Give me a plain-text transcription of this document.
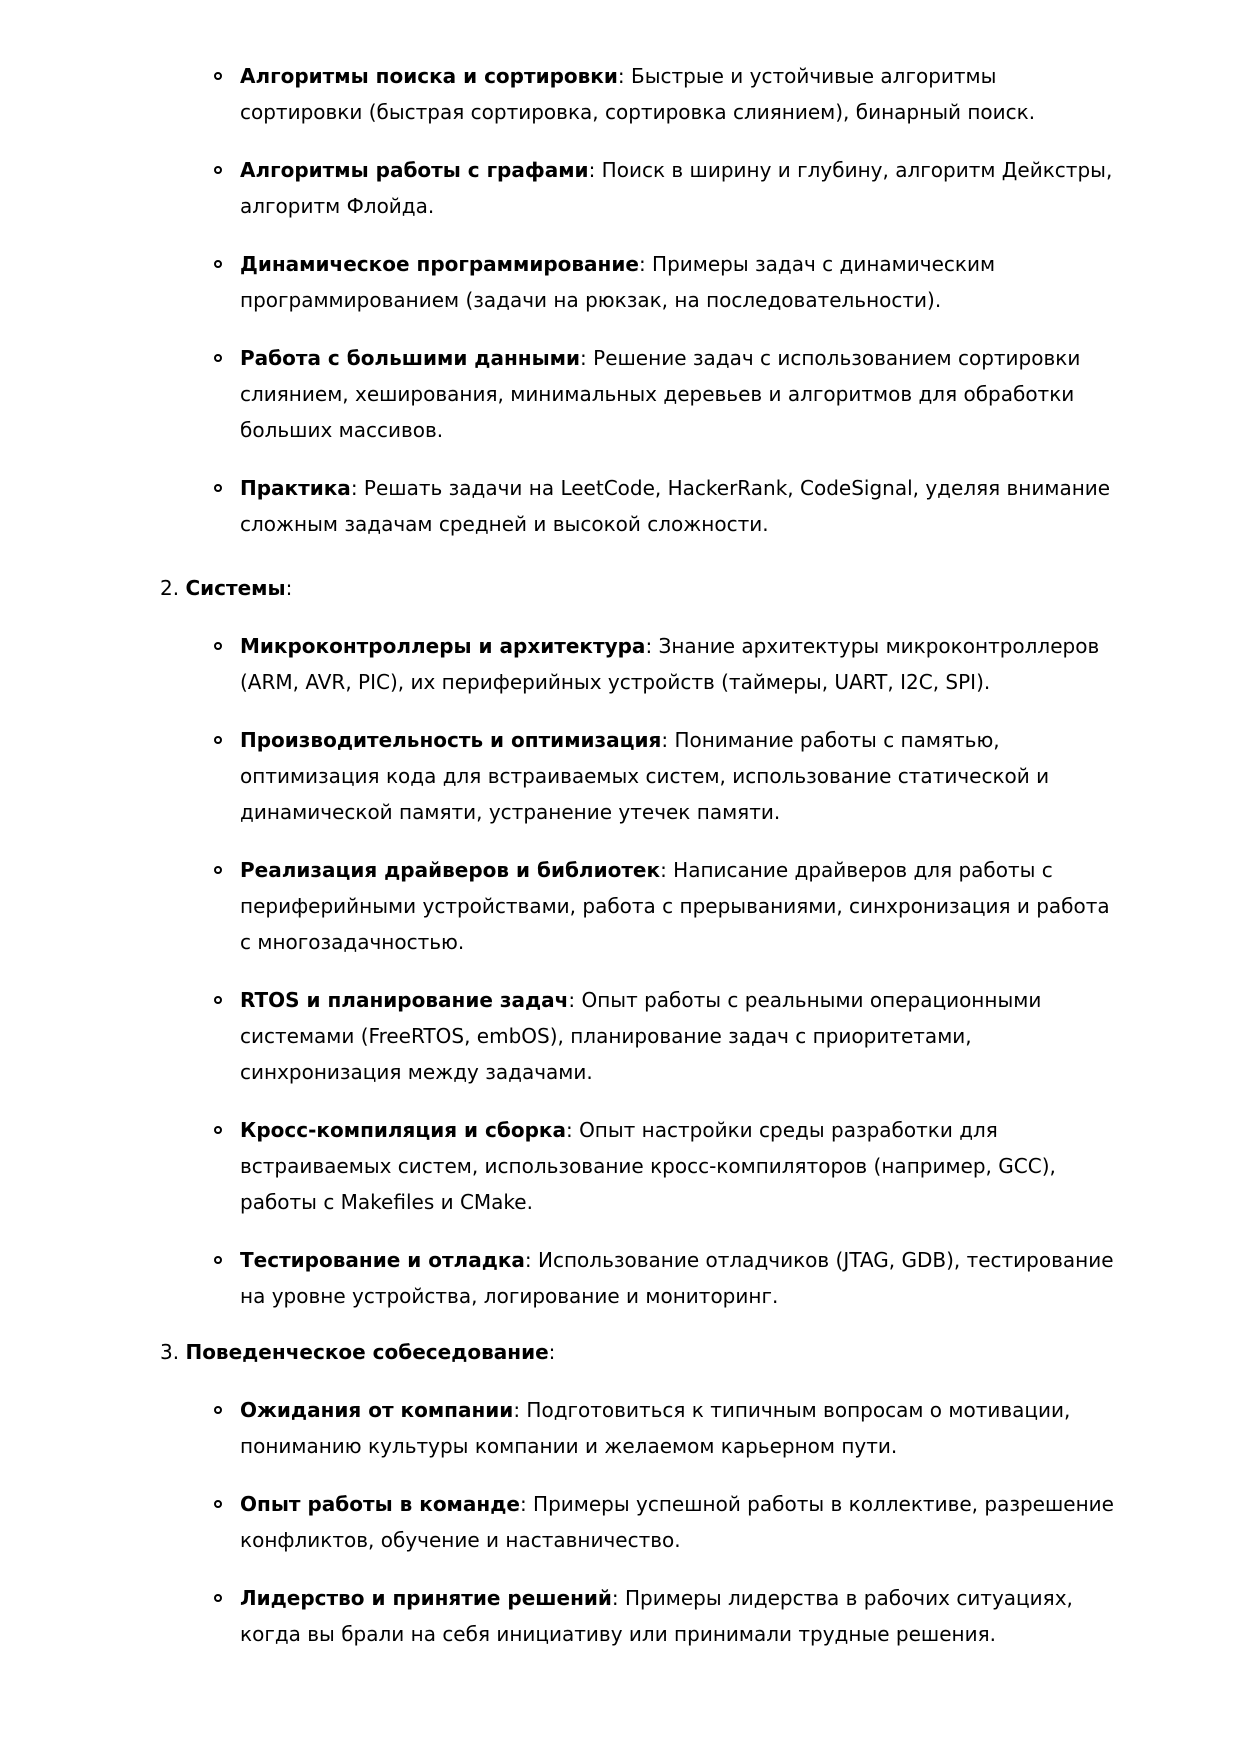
Алгоритмы поиска и сортировки: Быстрые и устойчивые алгоритмы сортировки (быстрая сортировка, сортировка слиянием), бинарный поиск.
Алгоритмы работы с графами: Поиск в ширину и глубину, алгоритм Дейкстры, алгоритм Флойда.
Динамическое программирование: Примеры задач с динамическим программированием (задачи на рюкзак, на последовательности).
Работа с большими данными: Решение задач с использованием сортировки слиянием, хеширования, минимальных деревьев и алгоритмов для обработки больших массивов.
Практика: Решать задачи на LeetCode, HackerRank, CodeSignal, уделяя внимание сложным задачам средней и высокой сложности.
2. Системы:
Микроконтроллеры и архитектура: Знание архитектуры микроконтроллеров (ARM, AVR, PIC), их периферийных устройств (таймеры, UART, I2C, SPI).
Производительность и оптимизация: Понимание работы с памятью, оптимизация кода для встраиваемых систем, использование статической и динамической памяти, устранение утечек памяти.
Реализация драйверов и библиотек: Написание драйверов для работы с периферийными устройствами, работа с прерываниями, синхронизация и работа с многозадачностью.
RTOS и планирование задач: Опыт работы с реальными операционными системами (FreeRTOS, embOS), планирование задач с приоритетами, синхронизация между задачами.
Кросс-компиляция и сборка: Опыт настройки среды разработки для встраиваемых систем, использование кросс-компиляторов (например, GCC), работы с Makefiles и CMake.
Тестирование и отладка: Использование отладчиков (JTAG, GDB), тестирование на уровне устройства, логирование и мониторинг.
3. Поведенческое собеседование:
Ожидания от компании: Подготовиться к типичным вопросам о мотивации, пониманию культуры компании и желаемом карьерном пути.
Опыт работы в команде: Примеры успешной работы в коллективе, разрешение конфликтов, обучение и наставничество.
Лидерство и принятие решений: Примеры лидерства в рабочих ситуациях, когда вы брали на себя инициативу или принимали трудные решения.
